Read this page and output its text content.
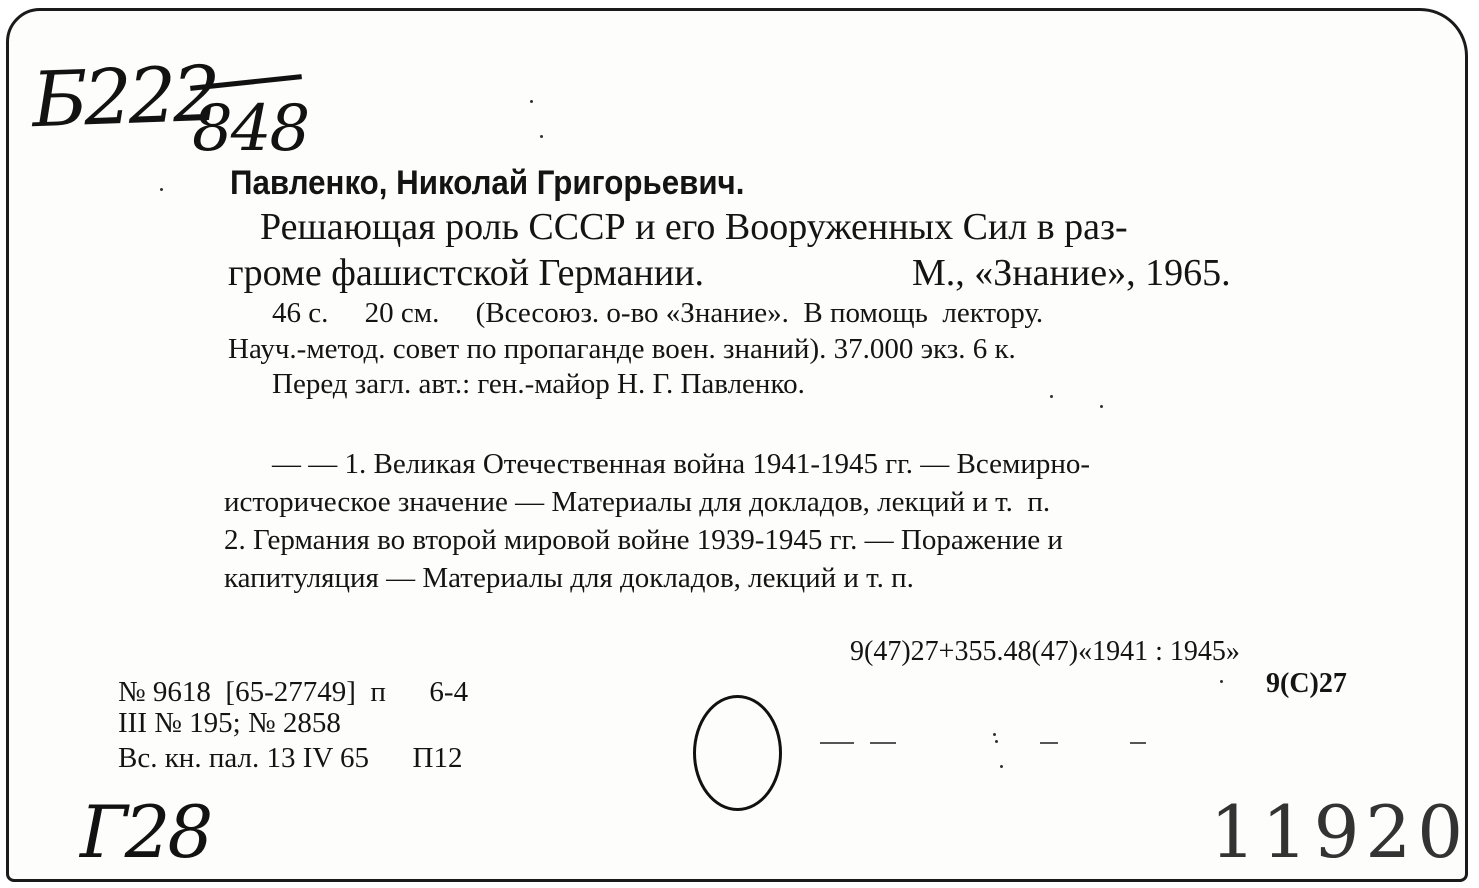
Б222
848
Павленко, Николай Григорьевич.
Решающая роль СССР и его Вооруженных Сил в раз-
громе фашистской Германии.	М., «Знание», 1965.
46 с.     20 см.     (Всесоюз. о-во «Знание».  В помощь  лектору.
Науч.-метод. совет по пропаганде воен. знаний). 37.000 экз. 6 к.
Перед загл. авт.: ген.-майор Н. Г. Павленко.
— — 1. Великая Отечественная война 1941-1945 гг. — Всемирно-
историческое значение — Материалы для докладов, лекций и т.  п.
2. Германия во второй мировой войне 1939-1945 гг. — Поражение и
капитуляция — Материалы для докладов, лекций и т. п.
9(47)27+355.48(47)«1941 : 1945»
9(С)27
№ 9618  [65-27749]  п      6-4
III № 195; № 2858
Вс. кн. пал. 13 IV 65      П12
Г28	11920
